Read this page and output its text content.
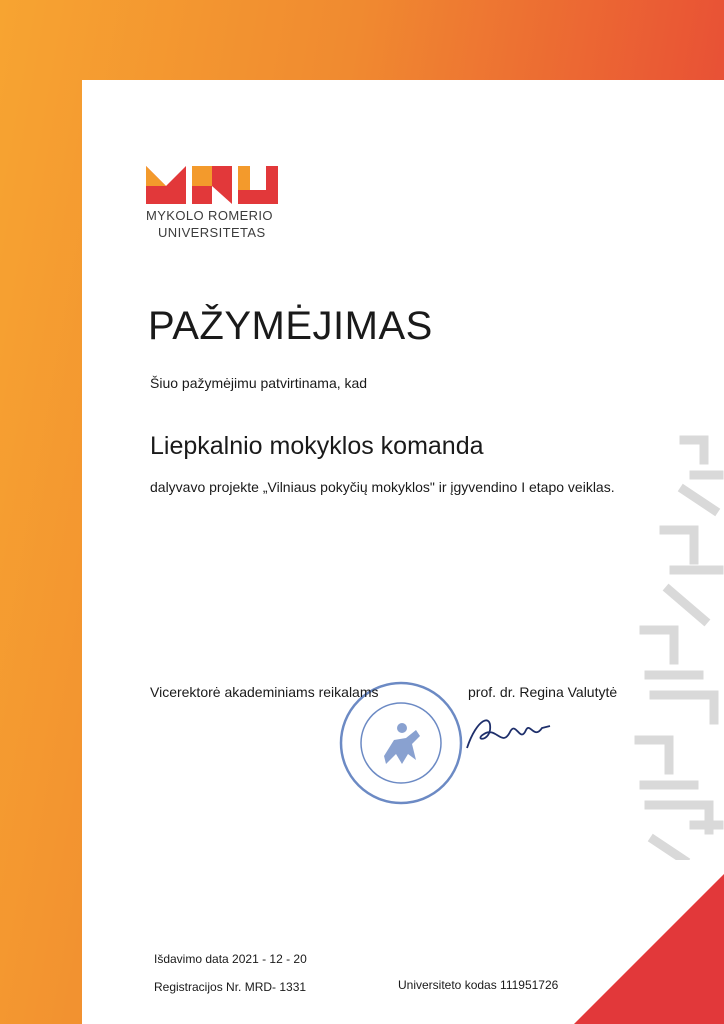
MYKOLO ROMERIO
UNIVERSITETAS
PAŽYMĖJIMAS
Šiuo pažymėjimu patvirtinama, kad
Liepkalnio mokyklos komanda
dalyvavo projekte „Vilniaus pokyčių mokyklos" ir įgyvendino I etapo veiklas.
Vicerektorė akademiniams reikalams	prof. dr. Regina Valutytė
Išdavimo data 2021 - 12 - 20
Registracijos Nr. MRD- 1331	Universiteto kodas 111951726
